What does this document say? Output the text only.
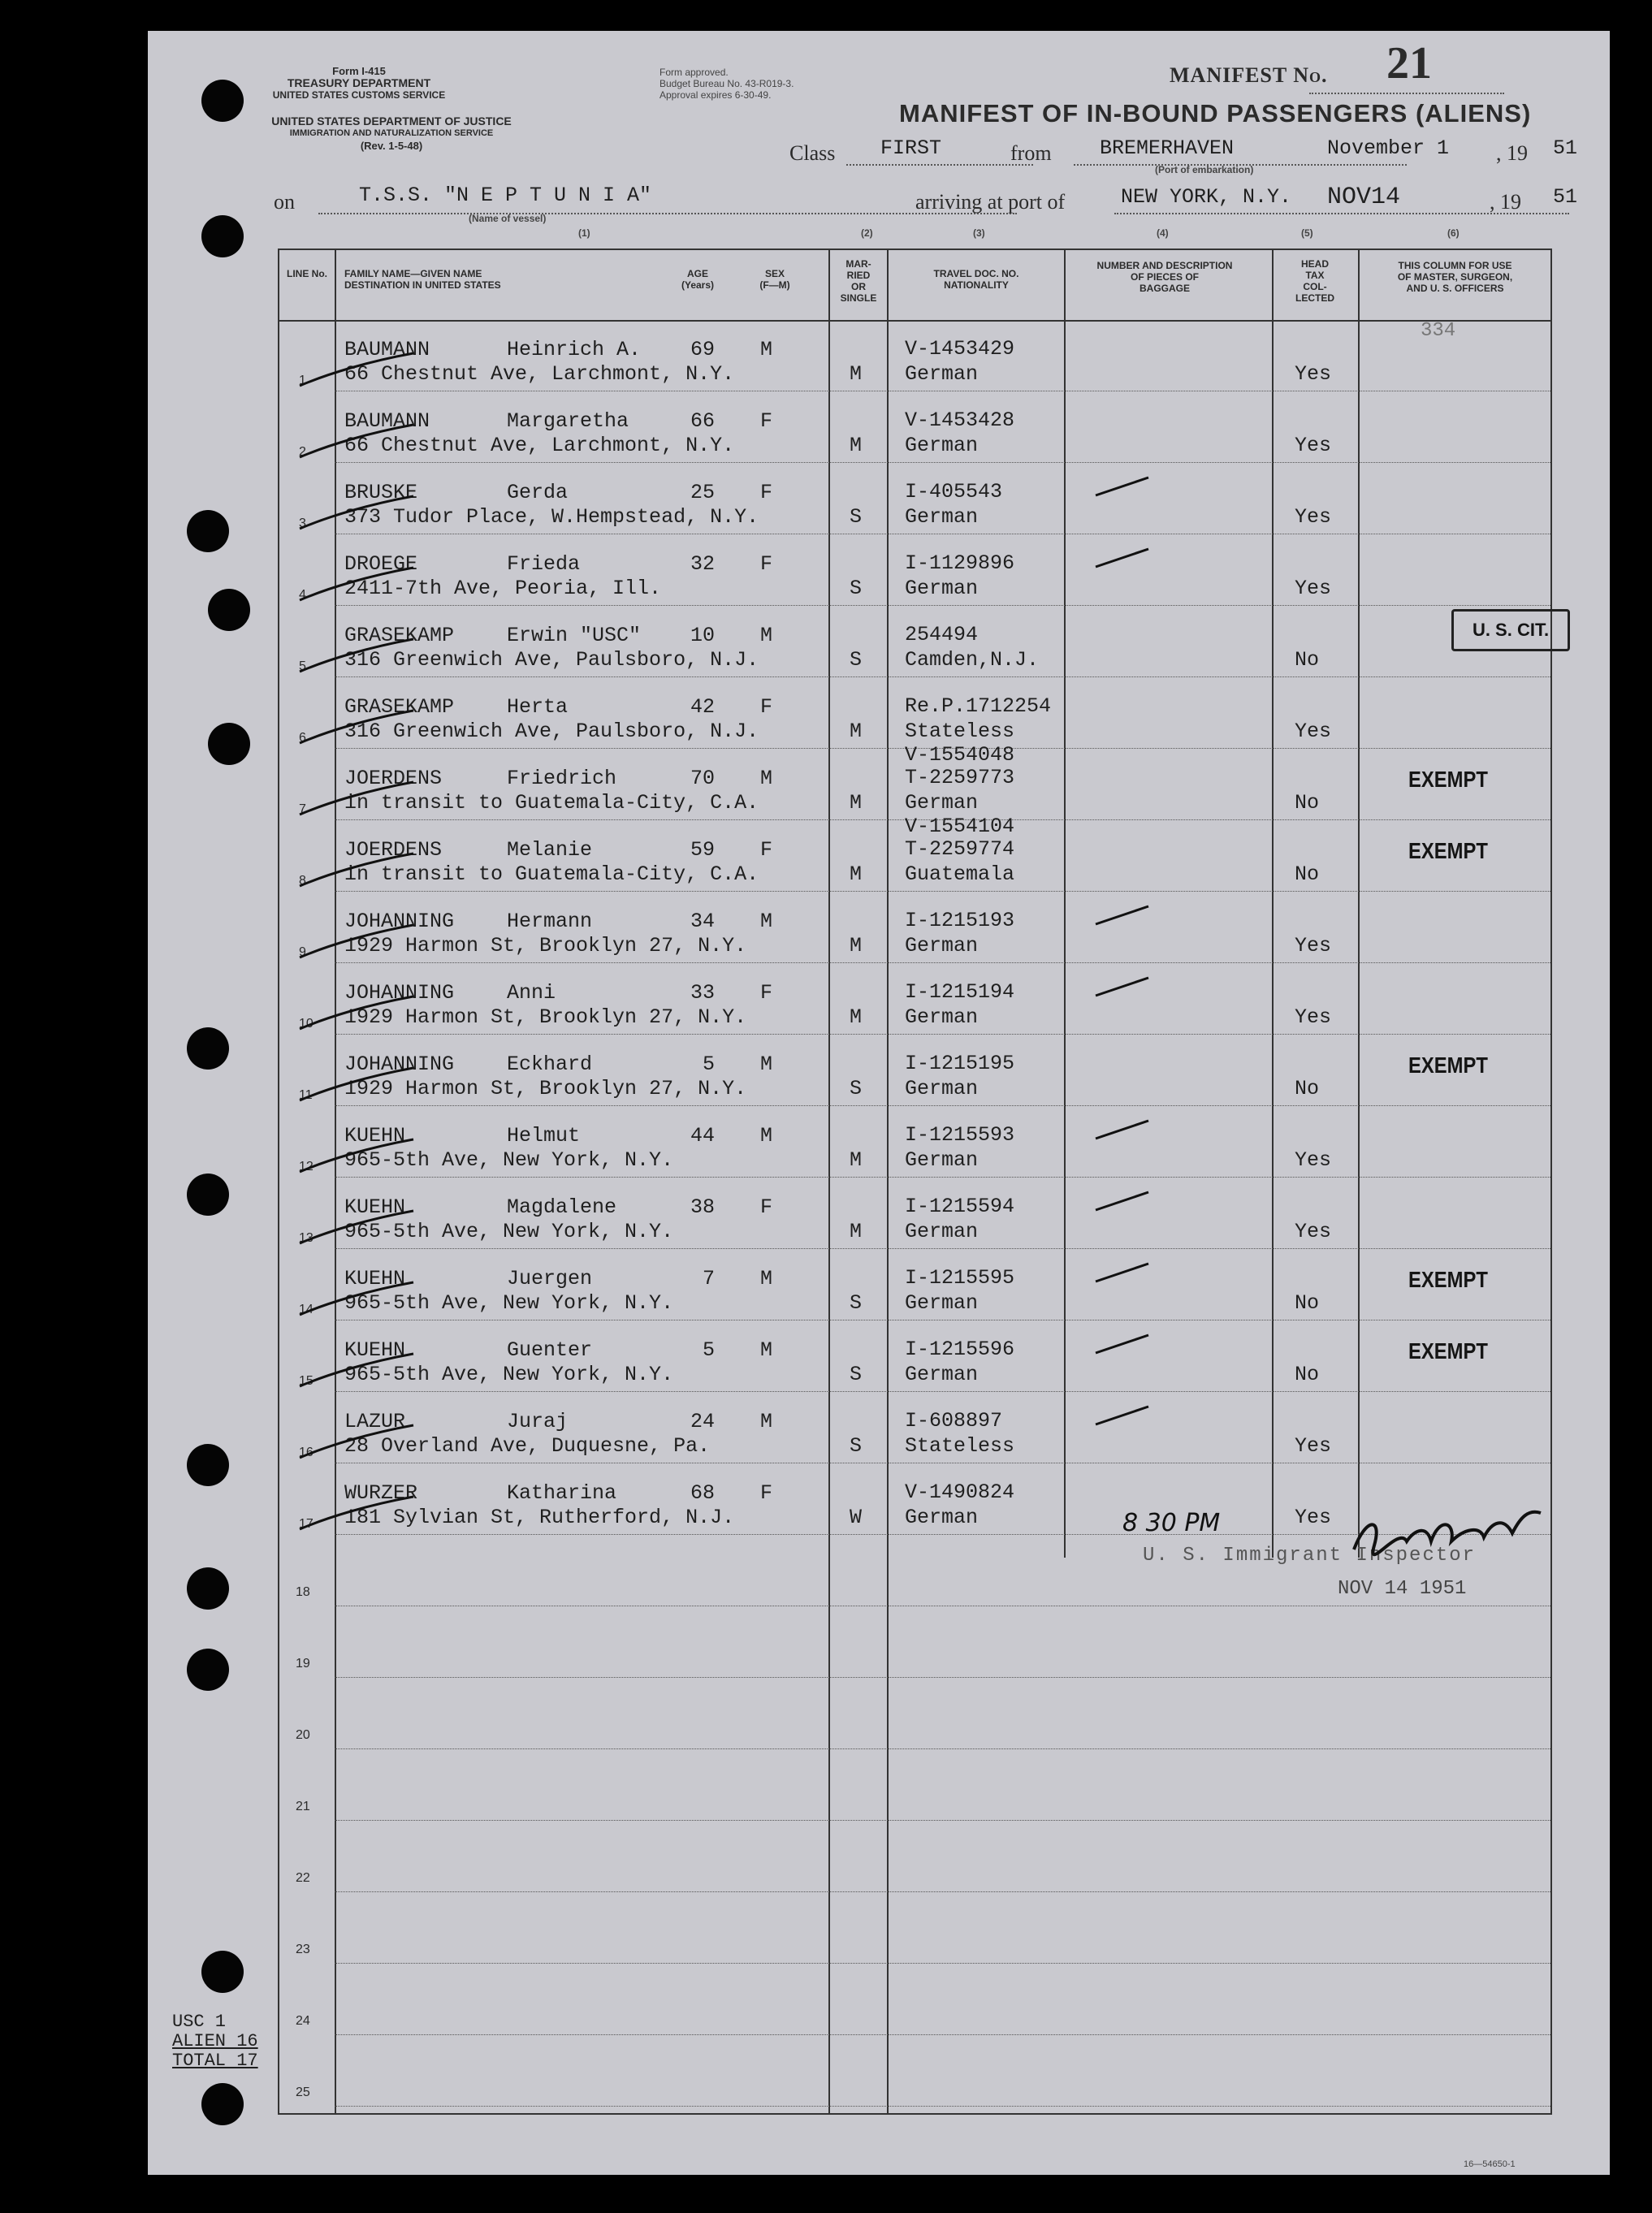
Form I-415
TREASURY DEPARTMENT
UNITED STATES CUSTOMS SERVICE
UNITED STATES DEPARTMENT OF JUSTICE
IMMIGRATION AND NATURALIZATION SERVICE
(Rev. 1-5-48)
Form approved.
Budget Bureau No. 43-R019-3.
Approval expires 6-30-49.
MANIFEST No. 21
MANIFEST OF IN-BOUND PASSENGERS (ALIENS)
Class FIRST	from BREMERHAVEN
(Port of embarkation)
November 1 , 19 51
on	T.S.S. "N E P T U N I A"
(Name of vessel)
arriving at port of	NEW YORK, N.Y. NOV14	, 19 51
(1)	(2)	(3)	(4)	(5)	(6)
LINE No.	FAMILY NAME—GIVEN NAME
DESTINATION IN UNITED STATES
AGE
(Years)
SEX
(F—M)
MAR-
RIED
OR
SINGLE
TRAVEL DOC. NO.
NATIONALITY
NUMBER AND DESCRIPTION
OF PIECES OF
BAGGAGE
HEAD
TAX
COL-
LECTED
THIS COLUMN FOR USE
OF MASTER, SURGEON,
AND U. S. OFFICERS
334
1
BAUMANN	Heinrich A.	69 M
66 Chestnut Ave, Larchmont, N.Y.	M
V-1453429
German	Yes
2
BAUMANN	Margaretha	66 F
66 Chestnut Ave, Larchmont, N.Y.	M
V-1453428
German	Yes
3
BRUSKE	Gerda	25 F
373 Tudor Place, W.Hempstead, N.Y.	S
I-405543
German	Yes
4
DROEGE	Frieda	32 F
2411-7th Ave, Peoria, Ill.	S
I-1129896
German	Yes
5
GRASEKAMP	Erwin "USC"	10 M
316 Greenwich Ave, Paulsboro, N.J.	S
254494
Camden,N.J.	No
6
GRASEKAMP	Herta	42 F
316 Greenwich Ave, Paulsboro, N.J.	M
Re.P.1712254
Stateless	Yes
7
JOERDENS	Friedrich	70 M
in transit to Guatemala-City, C.A.	M
V-1554048
T-2259773
German	No
EXEMPT
8
JOERDENS	Melanie	59 F
in transit to Guatemala-City, C.A.	M
V-1554104
T-2259774
Guatemala	No
EXEMPT
9
JOHANNING	Hermann	34 M
1929 Harmon St, Brooklyn 27, N.Y.	M
I-1215193
German	Yes
10
JOHANNING	Anni	33 F
1929 Harmon St, Brooklyn 27, N.Y.	M
I-1215194
German	Yes
11
JOHANNING	Eckhard	5 M
1929 Harmon St, Brooklyn 27, N.Y.	S
I-1215195
German	No
EXEMPT
12
KUEHN	Helmut	44 M
965-5th Ave, New York, N.Y.	M
I-1215593
German	Yes
13
KUEHN	Magdalene	38 F
965-5th Ave, New York, N.Y.	M
I-1215594
German	Yes
14
KUEHN	Juergen	7 M
965-5th Ave, New York, N.Y.	S
I-1215595
German	No
EXEMPT
15
KUEHN	Guenter	5 M
965-5th Ave, New York, N.Y.	S
I-1215596
German	No
EXEMPT
16
LAZUR	Juraj	24 M
28 Overland Ave, Duquesne, Pa.	S
I-608897
Stateless	Yes
17
WURZER	Katharina	68 F
181 Sylvian St, Rutherford, N.J.	W
V-1490824
German	Yes
18
19
20
21
22
23
24
25
U. S. CIT.
8 30 PM
U. S. Immigrant Inspector
NOV 14 1951
USC 1
ALIEN 16
TOTAL 17
16—54650-1
